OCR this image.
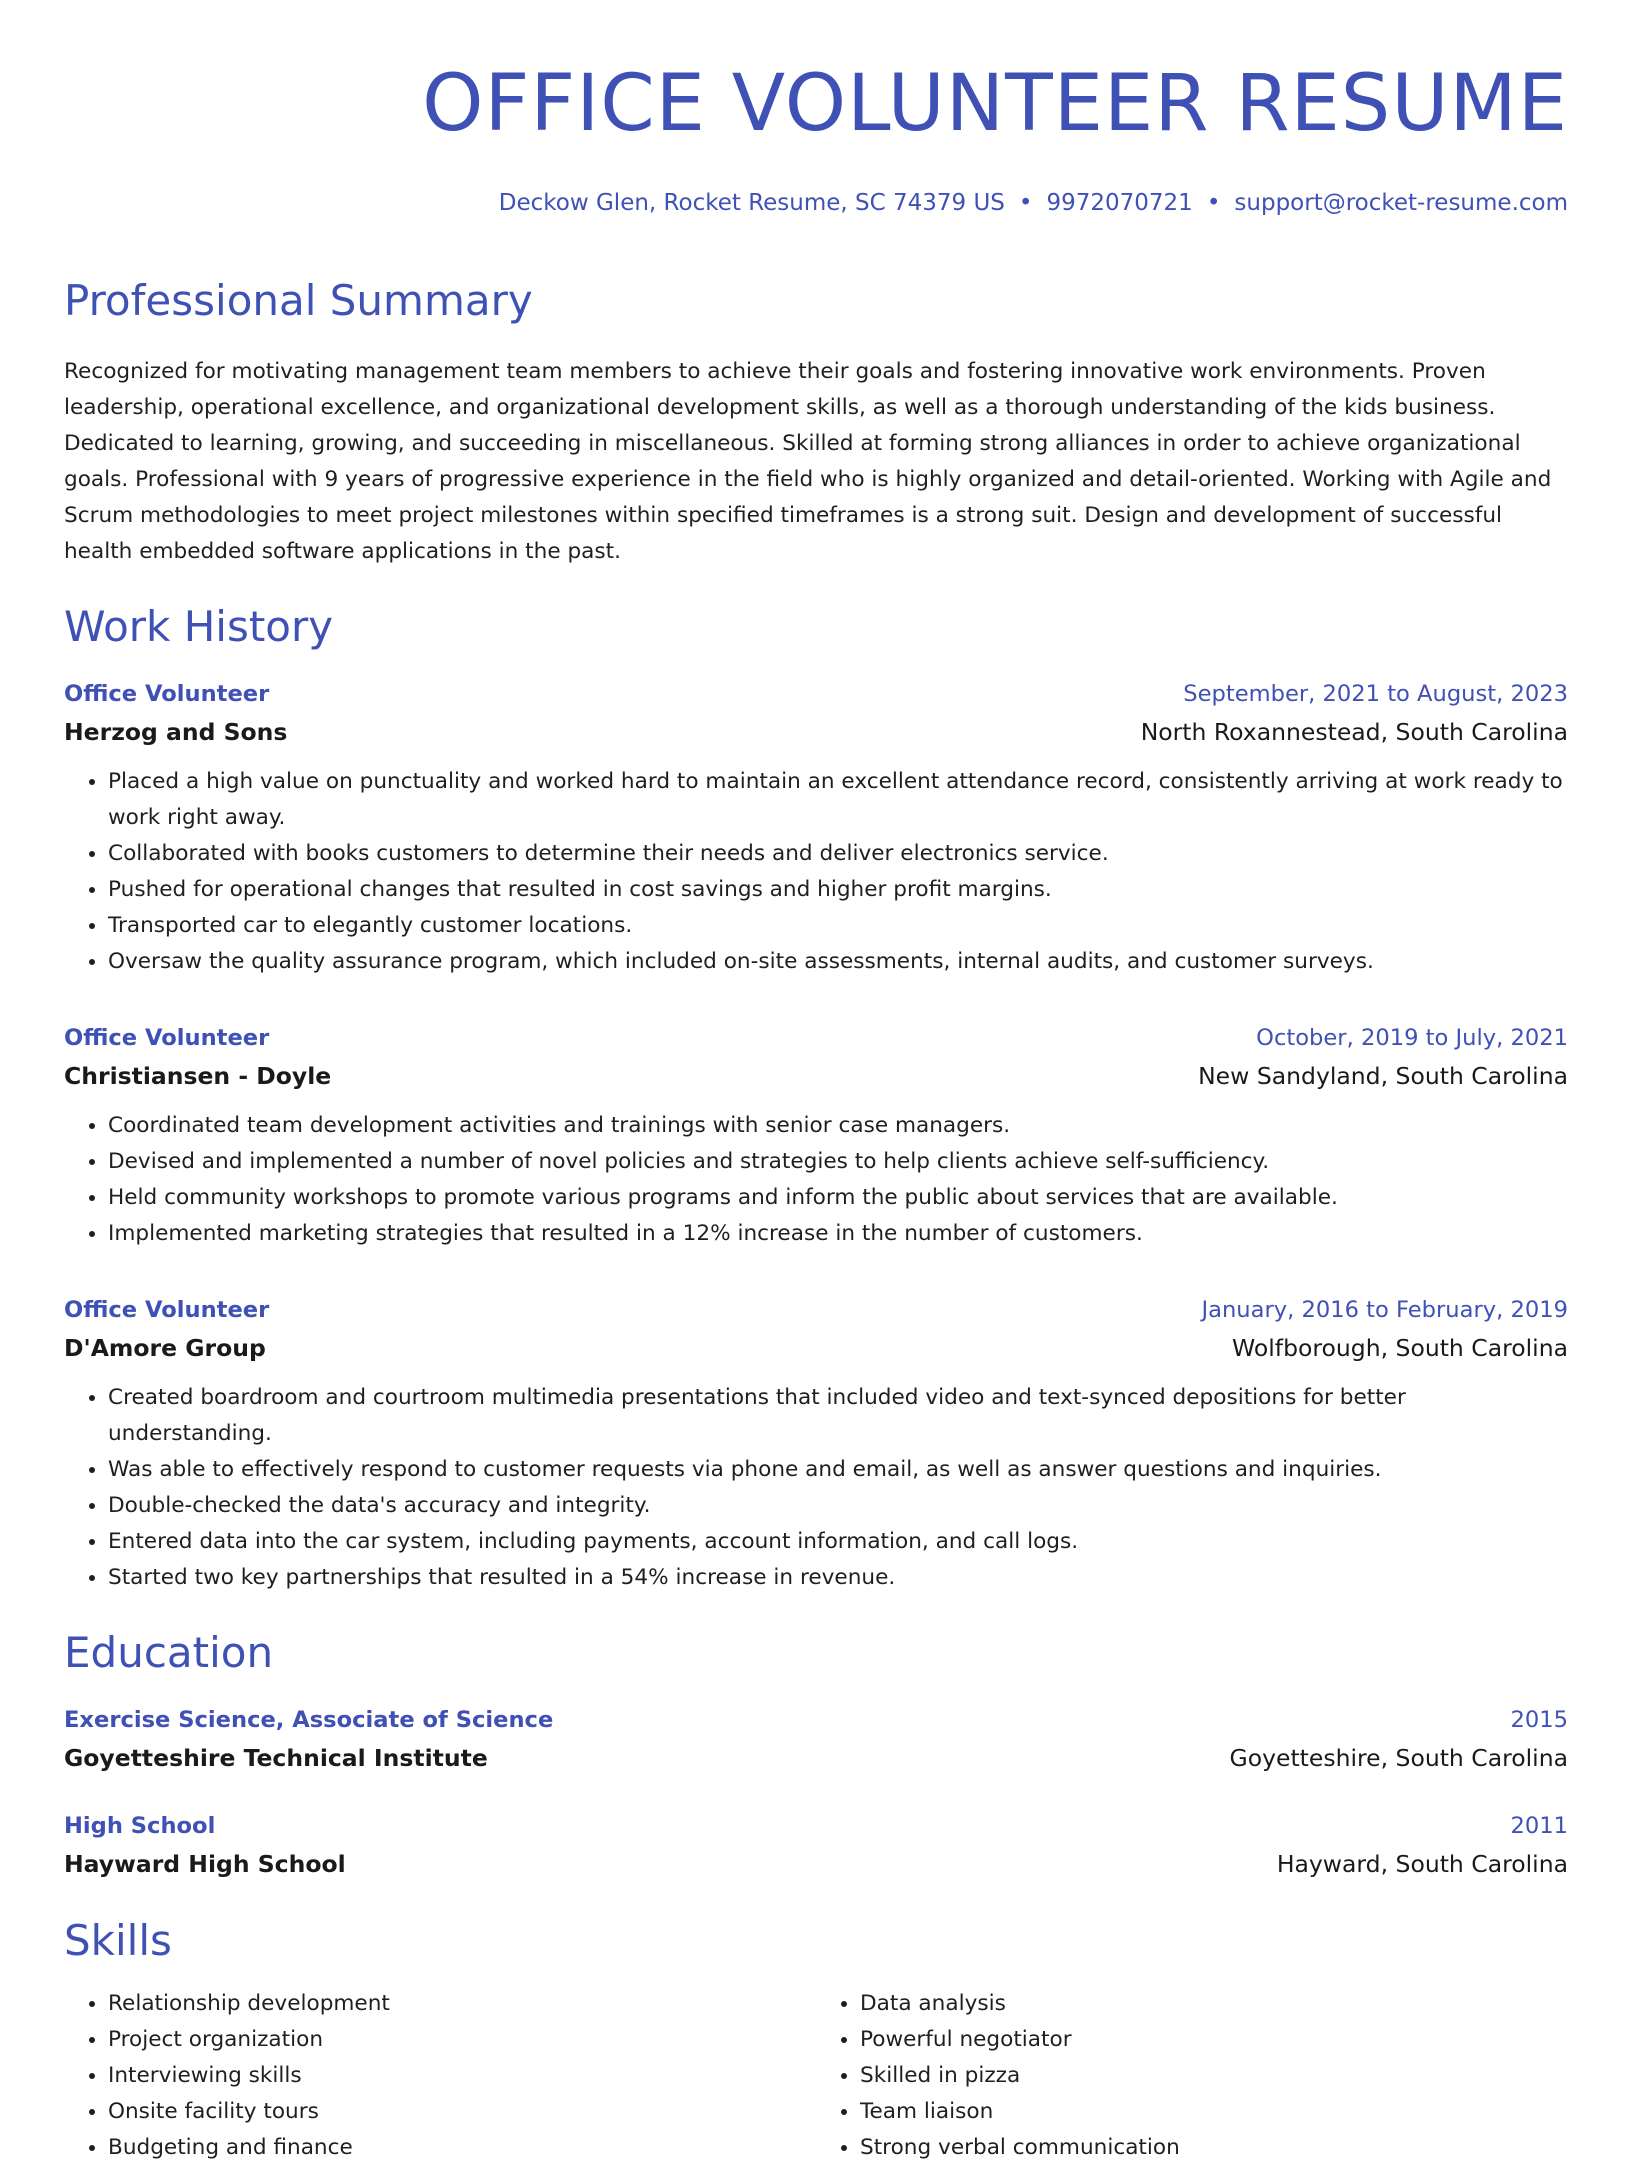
OFFICE VOLUNTEER RESUME
Deckow Glen, Rocket Resume, SC 74379 US • 9972070721 • support@rocket-resume.com
Professional Summary

Recognized for motivating management team members to achieve their goals and fostering innovative work environments. Proven leadership, operational excellence, and organizational development skills, as well as a thorough understanding of the kids business. Dedicated to learning, growing, and succeeding in miscellaneous. Skilled at forming strong alliances in order to achieve organizational goals. Professional with 9 years of progressive experience in the field who is highly organized and detail-oriented. Working with Agile and Scrum methodologies to meet project milestones within specified timeframes is a strong suit. Design and development of successful health embedded software applications in the past.

Work History
Office Volunteer	September, 2021 to August, 2023
Herzog and Sons	North Roxannestead, South Carolina
• Placed a high value on punctuality and worked hard to maintain an excellent attendance record, consistently arriving at work ready to work right away.
• Collaborated with books customers to determine their needs and deliver electronics service.
• Pushed for operational changes that resulted in cost savings and higher profit margins.
• Transported car to elegantly customer locations.
• Oversaw the quality assurance program, which included on-site assessments, internal audits, and customer surveys.
Office Volunteer	October, 2019 to July, 2021
Christiansen - Doyle	New Sandyland, South Carolina
• Coordinated team development activities and trainings with senior case managers.
• Devised and implemented a number of novel policies and strategies to help clients achieve self-sufficiency.
• Held community workshops to promote various programs and inform the public about services that are available.
• Implemented marketing strategies that resulted in a 12% increase in the number of customers.
Office Volunteer	January, 2016 to February, 2019
D'Amore Group	Wolfborough, South Carolina
• Created boardroom and courtroom multimedia presentations that included video and text-synced depositions for better understanding.
• Was able to effectively respond to customer requests via phone and email, as well as answer questions and inquiries.
• Double-checked the data's accuracy and integrity.
• Entered data into the car system, including payments, account information, and call logs.
• Started two key partnerships that resulted in a 54% increase in revenue.
Education
Exercise Science, Associate of Science	2015
Goyetteshire Technical Institute	Goyetteshire, South Carolina
High School	2011
Hayward High School	Hayward, South Carolina
Skills
• Relationship development
• Project organization
• Interviewing skills
• Onsite facility tours
• Budgeting and finance
• Data analysis
• Powerful negotiator
• Skilled in pizza
• Team liaison
• Strong verbal communication
